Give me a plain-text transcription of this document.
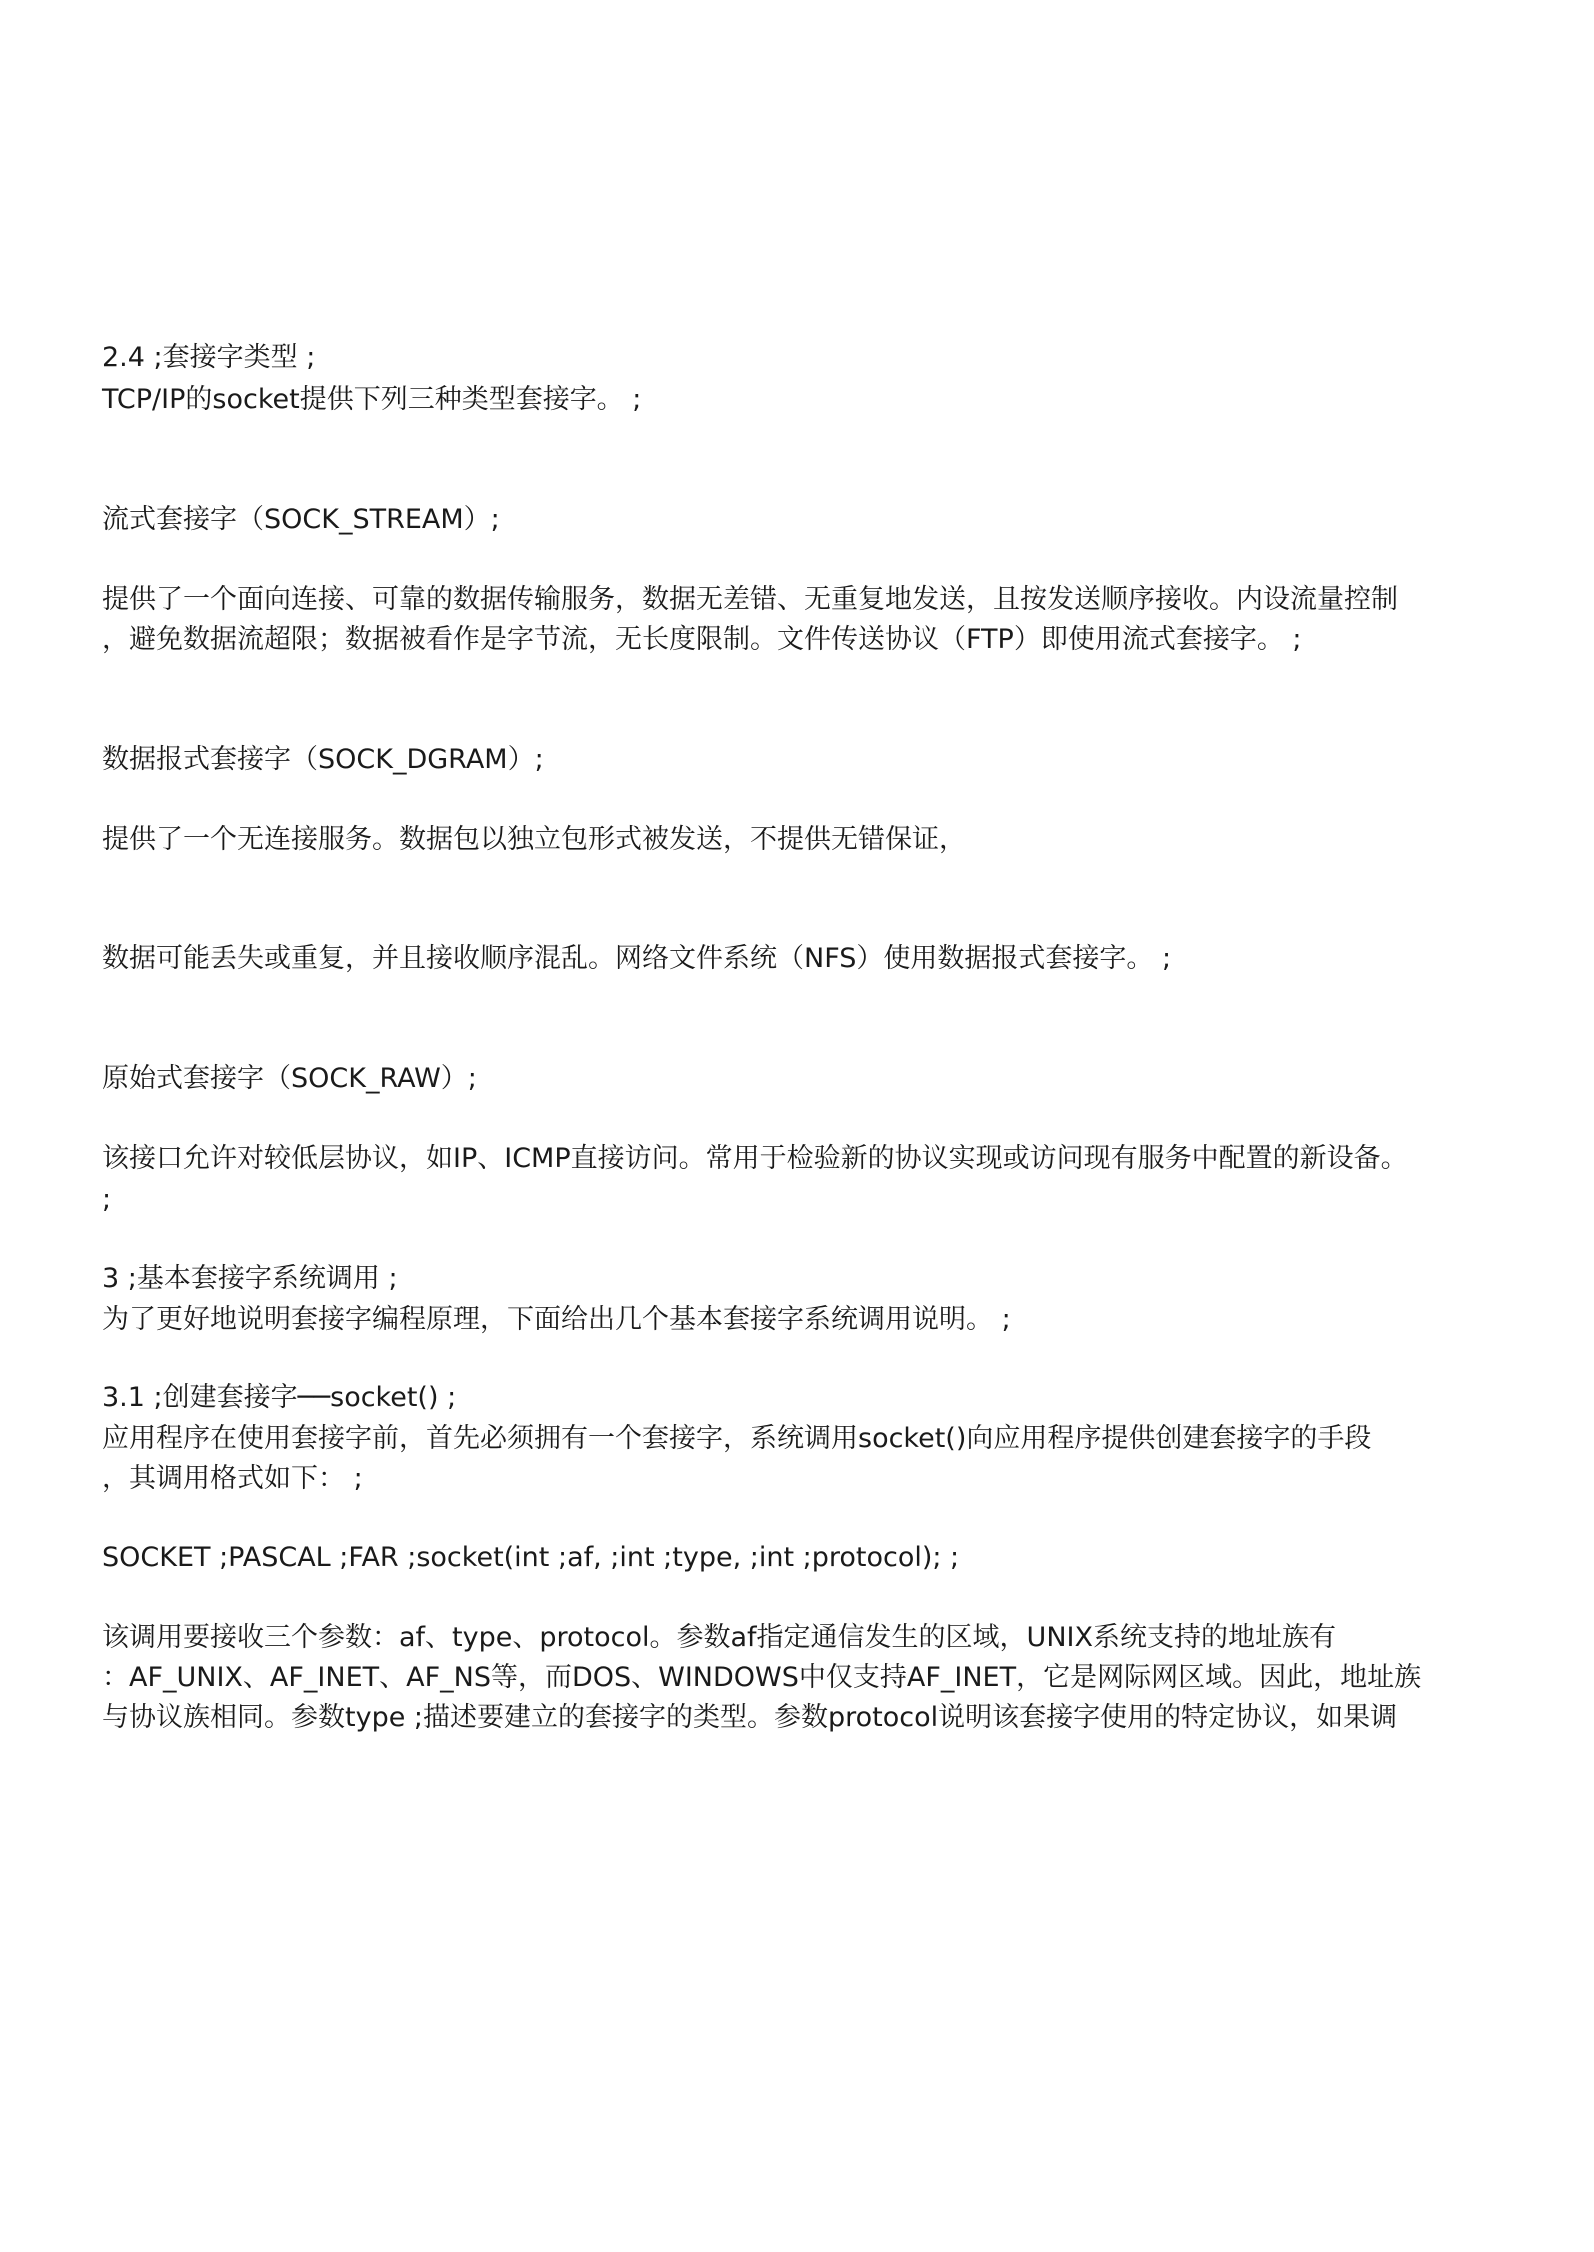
2.4 ;套接字类型 ;

TCP/IP的socket提供下列三种类型套接字。 ;

流式套接字（SOCK_STREAM）;

提供了一个面向连接、可靠的数据传输服务，数据无差错、无重复地发送，且按发送顺序接收。内设流量控制

，避免数据流超限；数据被看作是字节流，无长度限制。文件传送协议（FTP）即使用流式套接字。 ;

数据报式套接字（SOCK_DGRAM）;

提供了一个无连接服务。数据包以独立包形式被发送，不提供无错保证，

数据可能丢失或重复，并且接收顺序混乱。网络文件系统（NFS）使用数据报式套接字。 ;

原始式套接字（SOCK_RAW）;

该接口允许对较低层协议，如IP、ICMP直接访问。常用于检验新的协议实现或访问现有服务中配置的新设备。

;

3 ;基本套接字系统调用 ;

为了更好地说明套接字编程原理，下面给出几个基本套接字系统调用说明。 ;

3.1 ;创建套接字──socket() ;

应用程序在使用套接字前，首先必须拥有一个套接字，系统调用socket()向应用程序提供创建套接字的手段

，其调用格式如下： ;

SOCKET ;PASCAL ;FAR ;socket(int ;af, ;int ;type, ;int ;protocol); ;

该调用要接收三个参数：af、type、protocol。参数af指定通信发生的区域，UNIX系统支持的地址族有

：AF_UNIX、AF_INET、AF_NS等，而DOS、WINDOWS中仅支持AF_INET，它是网际网区域。因此，地址族

与协议族相同。参数type ;描述要建立的套接字的类型。参数protocol说明该套接字使用的特定协议，如果调
